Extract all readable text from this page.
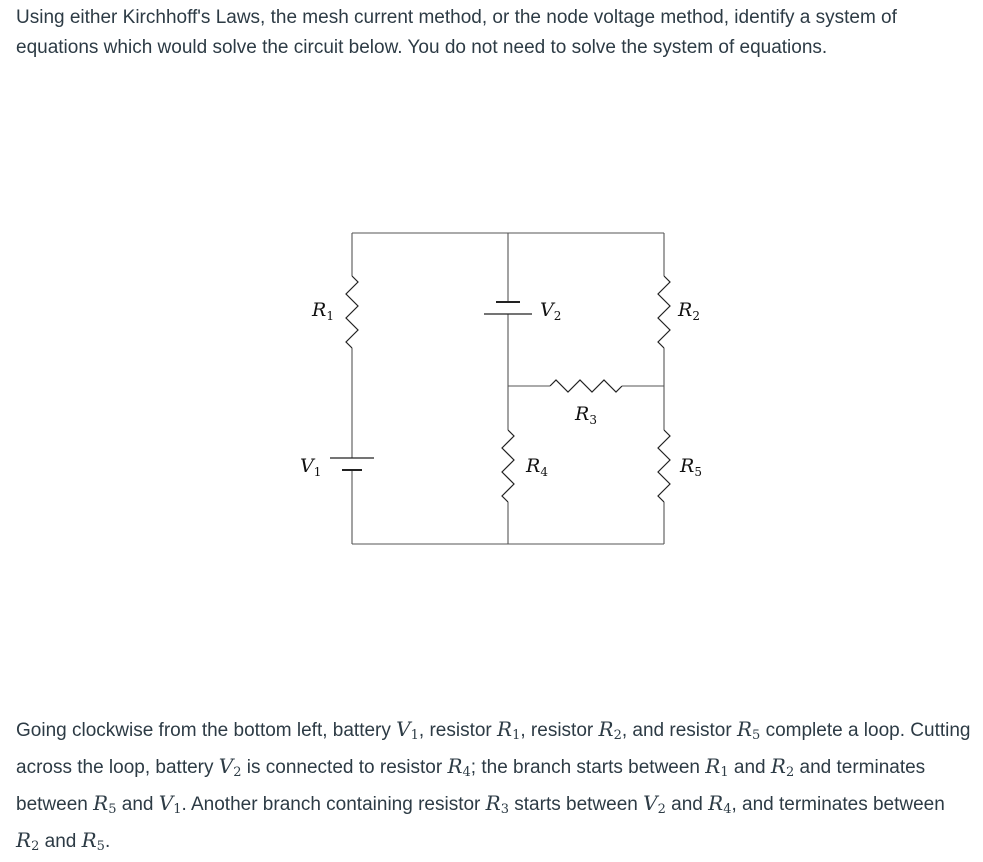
Using either Kirchhoff's Laws, the mesh current method, or the node voltage method, identify a system of equations which would solve the circuit below. You do not need to solve the system of equations.

$R_1$	$R_2$
$R_3$
$R_4$	$R_5$
$V_1$
$V_2$

Going clockwise from the bottom left, battery $V_1$, resistor $R_1$, resistor $R_2$, and resistor $R_5$ complete a loop. Cutting across the loop, battery $V_2$ is connected to resistor $R_4$; the branch starts between $R_1$ and $R_2$ and terminates between $R_5$ and $V_1$. Another branch containing resistor $R_3$ starts between $V_2$ and $R_4$, and terminates between $R_2$ and $R_5$.
